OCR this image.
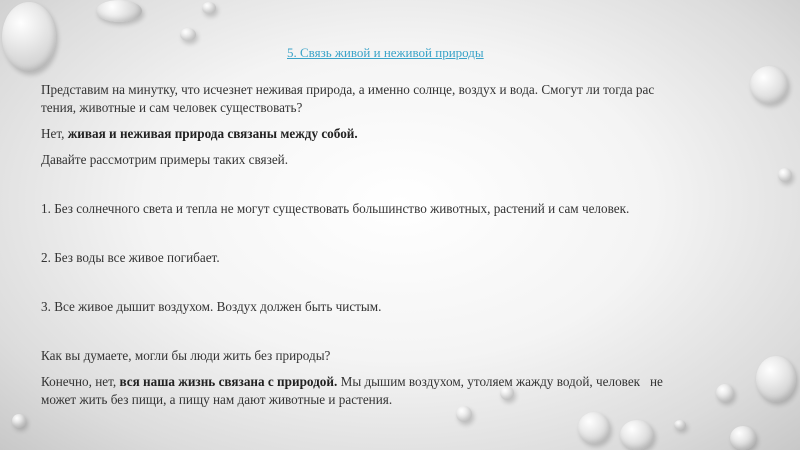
5. Связь живой и неживой природы

Представим на минутку, что исчезнет неживая природа, а именно солнце, воздух и вода. Смогут ли тогда рас
тения, животные и сам человек существовать?

Нет, живая и неживая природа связаны между собой.

Давайте рассмотрим примеры таких связей.

1. Без солнечного света и тепла не могут существовать большинство животных, растений и сам человек.

2. Без воды все живое погибает.

3. Все живое дышит воздухом. Воздух должен быть чистым.

Как вы думаете, могли бы люди жить без природы?

Конечно, нет, вся наша жизнь связана с природой. Мы дышим воздухом, утоляем жажду водой, человек   не
может жить без пищи, а пищу нам дают животные и растения.
